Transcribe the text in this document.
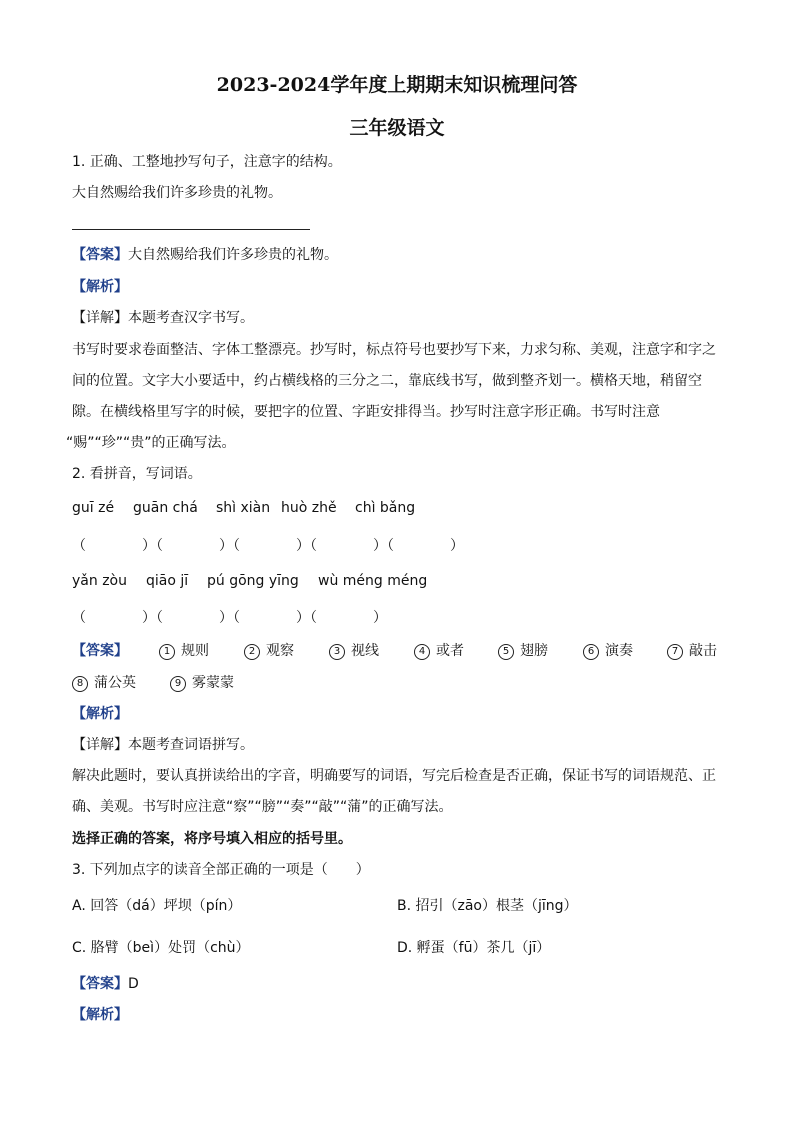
2023-2024学年度上期期末知识梳理问答
三年级语文
1. 正确、工整地抄写句子，注意字的结构。
大自然赐给我们许多珍贵的礼物。
【答案】大自然赐给我们许多珍贵的礼物。
【解析】
【详解】本题考查汉字书写。
书写时要求卷面整洁、字体工整漂亮。抄写时，标点符号也要抄写下来，力求匀称、美观，注意字和字之
间的位置。文字大小要适中，约占横线格的三分之二，靠底线书写，做到整齐划一。横格天地，稍留空
隙。在横线格里写字的时候，要把字的位置、字距安排得当。抄写时注意字形正确。书写时注意
“赐”“珍”“贵”的正确写法。
2. 看拼音，写词语。
guī zé guān chá shì xiàn huò zhě chì bǎng
（　　　　）（　　　　）（　　　　）（　　　　）（　　　　）
yǎn zòu qiāo jī pú gōng yīng wù méng méng
（　　　　）（　　　　）（　　　　）（　　　　）
【答案】	1 规则	2 观察	3 视线	4 或者	5 翅膀	6 演奏	7 敲击
8 蒲公英	9 雾蒙蒙
【解析】
【详解】本题考查词语拼写。
解决此题时，要认真拼读给出的字音，明确要写的词语，写完后检查是否正确，保证书写的词语规范、正
确、美观。书写时应注意“察”“膀”“奏”“敲”“蒲”的正确写法。
选择正确的答案，将序号填入相应的括号里。
3. 下列加点字的读音全部正确的一项是（　　）
A. 回答（dá）坪坝（pín）	B. 招引（zāo）根茎（jīng）
C. 胳臂（beì）处罚（chù）	D. 孵蛋（fū）茶几（jī）
【答案】D
【解析】
